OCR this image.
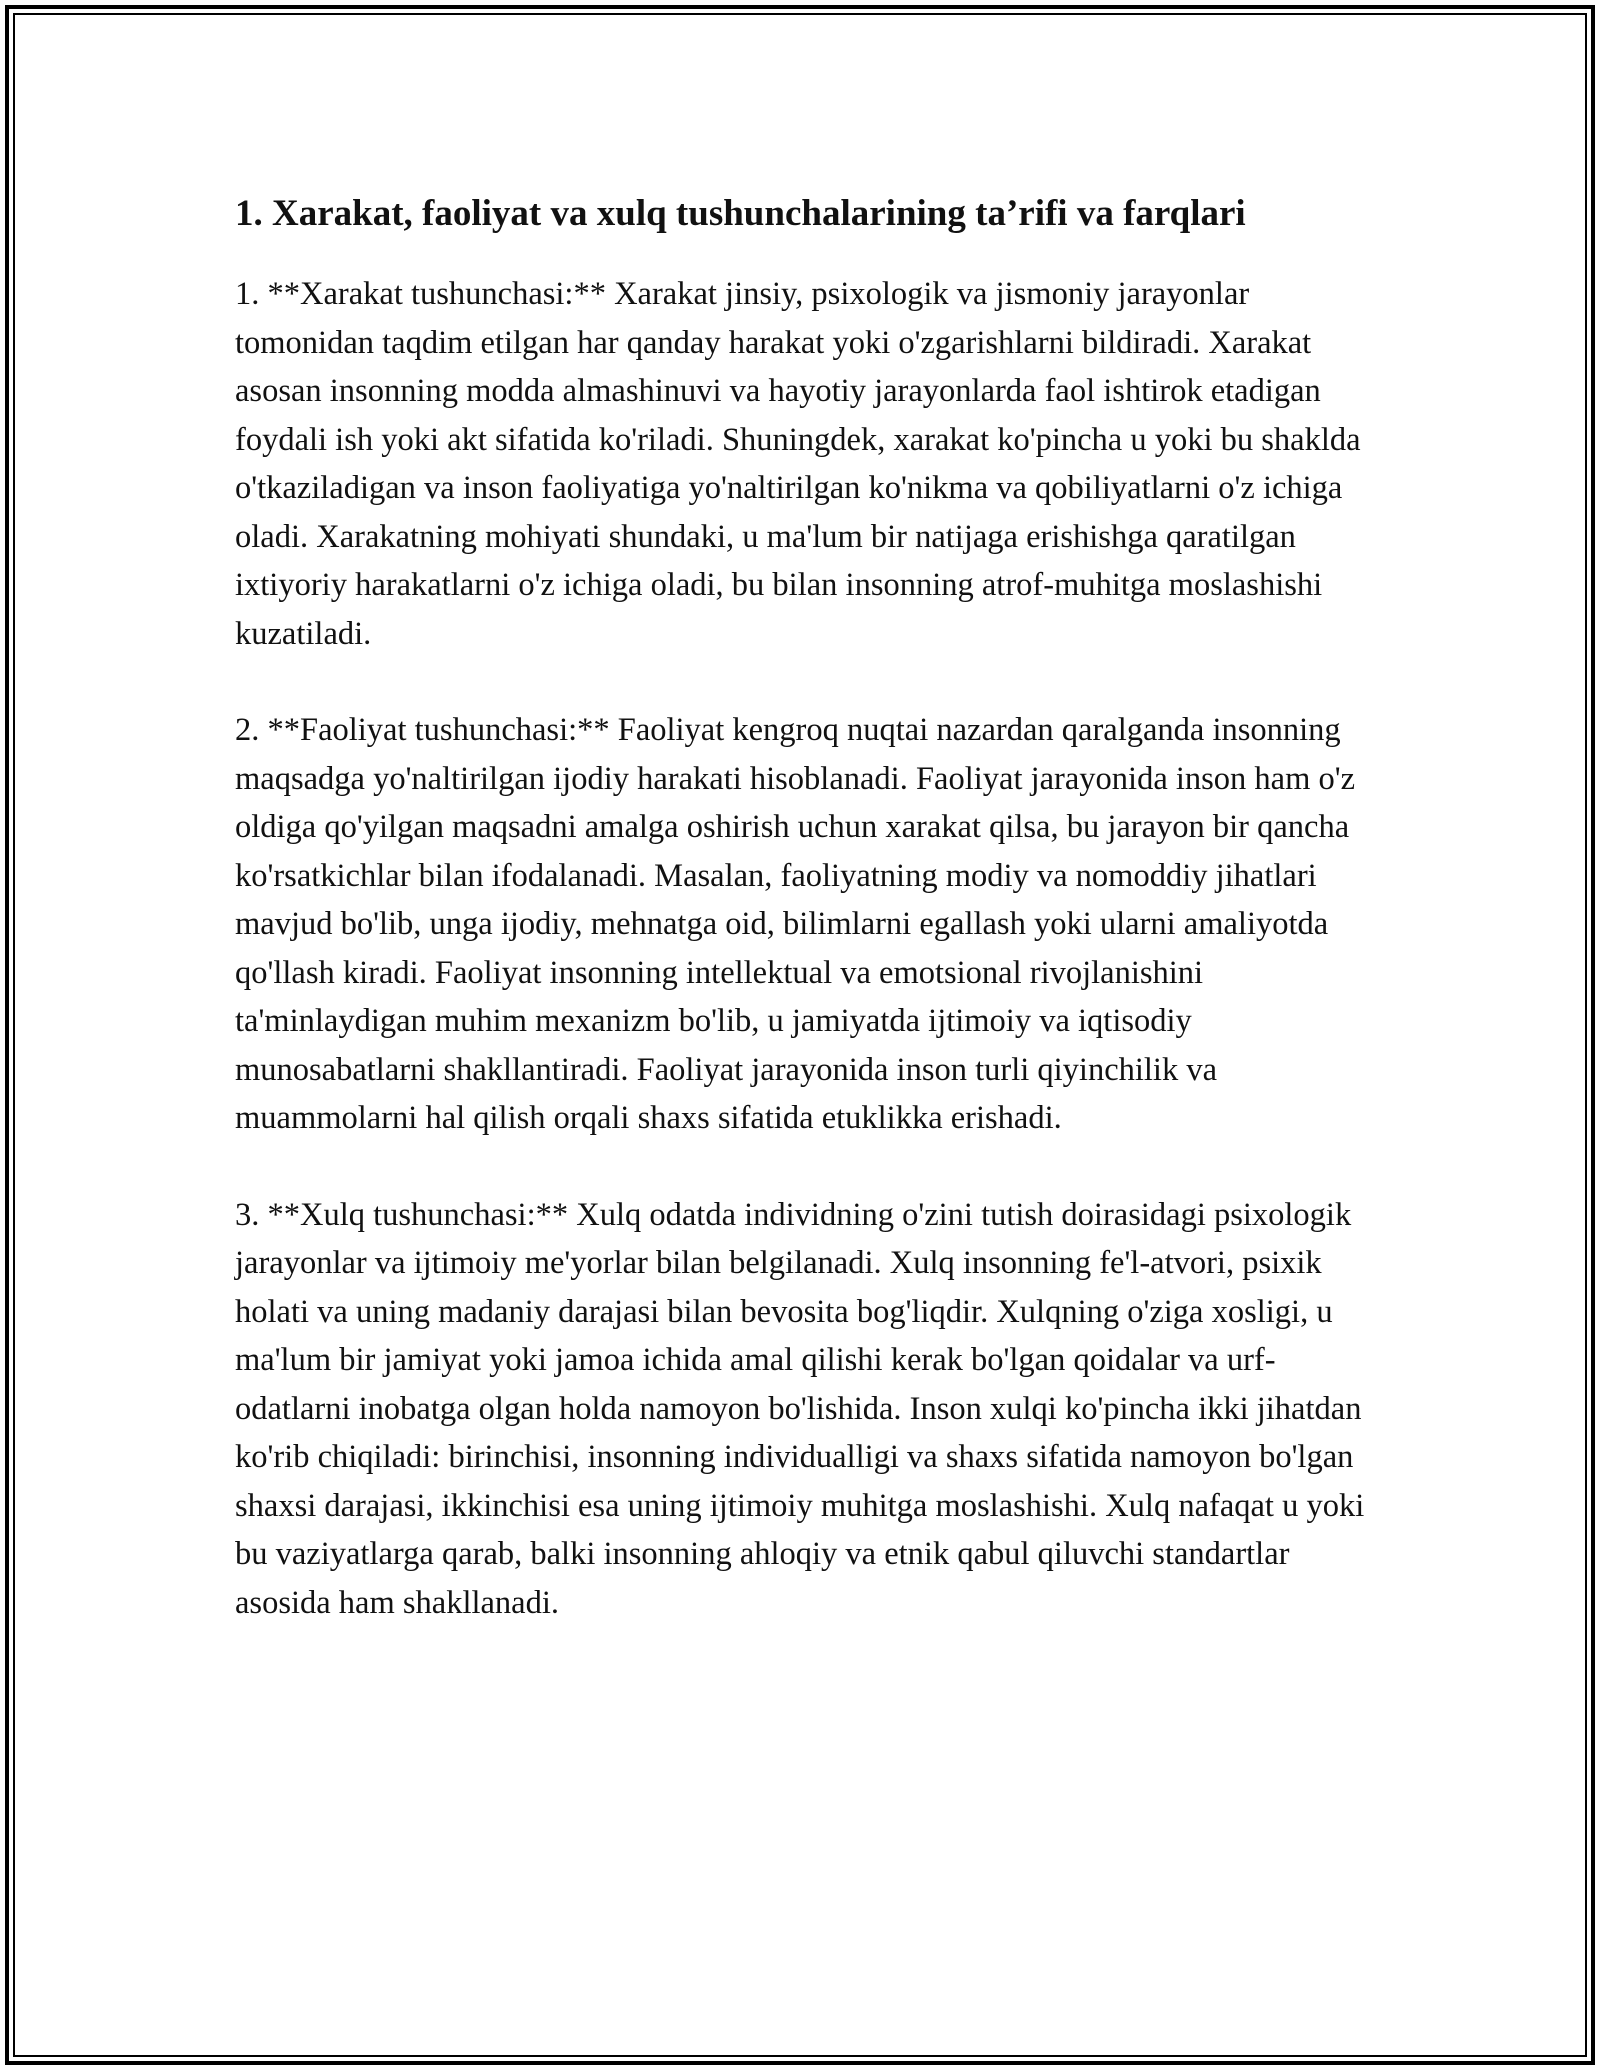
1. Xarakat, faoliyat va xulq tushunchalarining ta’rifi va farqlari

1. **Xarakat tushunchasi:** Xarakat jinsiy, psixologik va jismoniy jarayonlar tomonidan taqdim etilgan har qanday harakat yoki o'zgarishlarni bildiradi. Xarakat asosan insonning modda almashinuvi va hayotiy jarayonlarda faol ishtirok etadigan foydali ish yoki akt sifatida ko'riladi. Shuningdek, xarakat ko'pincha u yoki bu shaklda o'tkaziladigan va inson faoliyatiga yo'naltirilgan ko'nikma va qobiliyatlarni o'z ichiga oladi. Xarakatning mohiyati shundaki, u ma'lum bir natijaga erishishga qaratilgan ixtiyoriy harakatlarni o'z ichiga oladi, bu bilan insonning atrof-muhitga moslashishi kuzatiladi.

2. **Faoliyat tushunchasi:** Faoliyat kengroq nuqtai nazardan qaralganda insonning maqsadga yo'naltirilgan ijodiy harakati hisoblanadi. Faoliyat jarayonida inson ham o'z oldiga qo'yilgan maqsadni amalga oshirish uchun xarakat qilsa, bu jarayon bir qancha ko'rsatkichlar bilan ifodalanadi. Masalan, faoliyatning modiy va nomoddiy jihatlari mavjud bo'lib, unga ijodiy, mehnatga oid, bilimlarni egallash yoki ularni amaliyotda qo'llash kiradi. Faoliyat insonning intellektual va emotsional rivojlanishini ta'minlaydigan muhim mexanizm bo'lib, u jamiyatda ijtimoiy va iqtisodiy munosabatlarni shakllantiradi. Faoliyat jarayonida inson turli qiyinchilik va muammolarni hal qilish orqali shaxs sifatida etuklikka erishadi.

3. **Xulq tushunchasi:** Xulq odatda individning o'zini tutish doirasidagi psixologik jarayonlar va ijtimoiy me'yorlar bilan belgilanadi. Xulq insonning fe'l-atvori, psixik holati va uning madaniy darajasi bilan bevosita bog'liqdir. Xulqning o'ziga xosligi, u ma'lum bir jamiyat yoki jamoa ichida amal qilishi kerak bo'lgan qoidalar va urf-odatlarni inobatga olgan holda namoyon bo'lishida. Inson xulqi ko'pincha ikki jihatdan ko'rib chiqiladi: birinchisi, insonning individualligi va shaxs sifatida namoyon bo'lgan shaxsi darajasi, ikkinchisi esa uning ijtimoiy muhitga moslashishi. Xulq nafaqat u yoki bu vaziyatlarga qarab, balki insonning ahloqiy va etnik qabul qiluvchi standartlar asosida ham shakllanadi.
